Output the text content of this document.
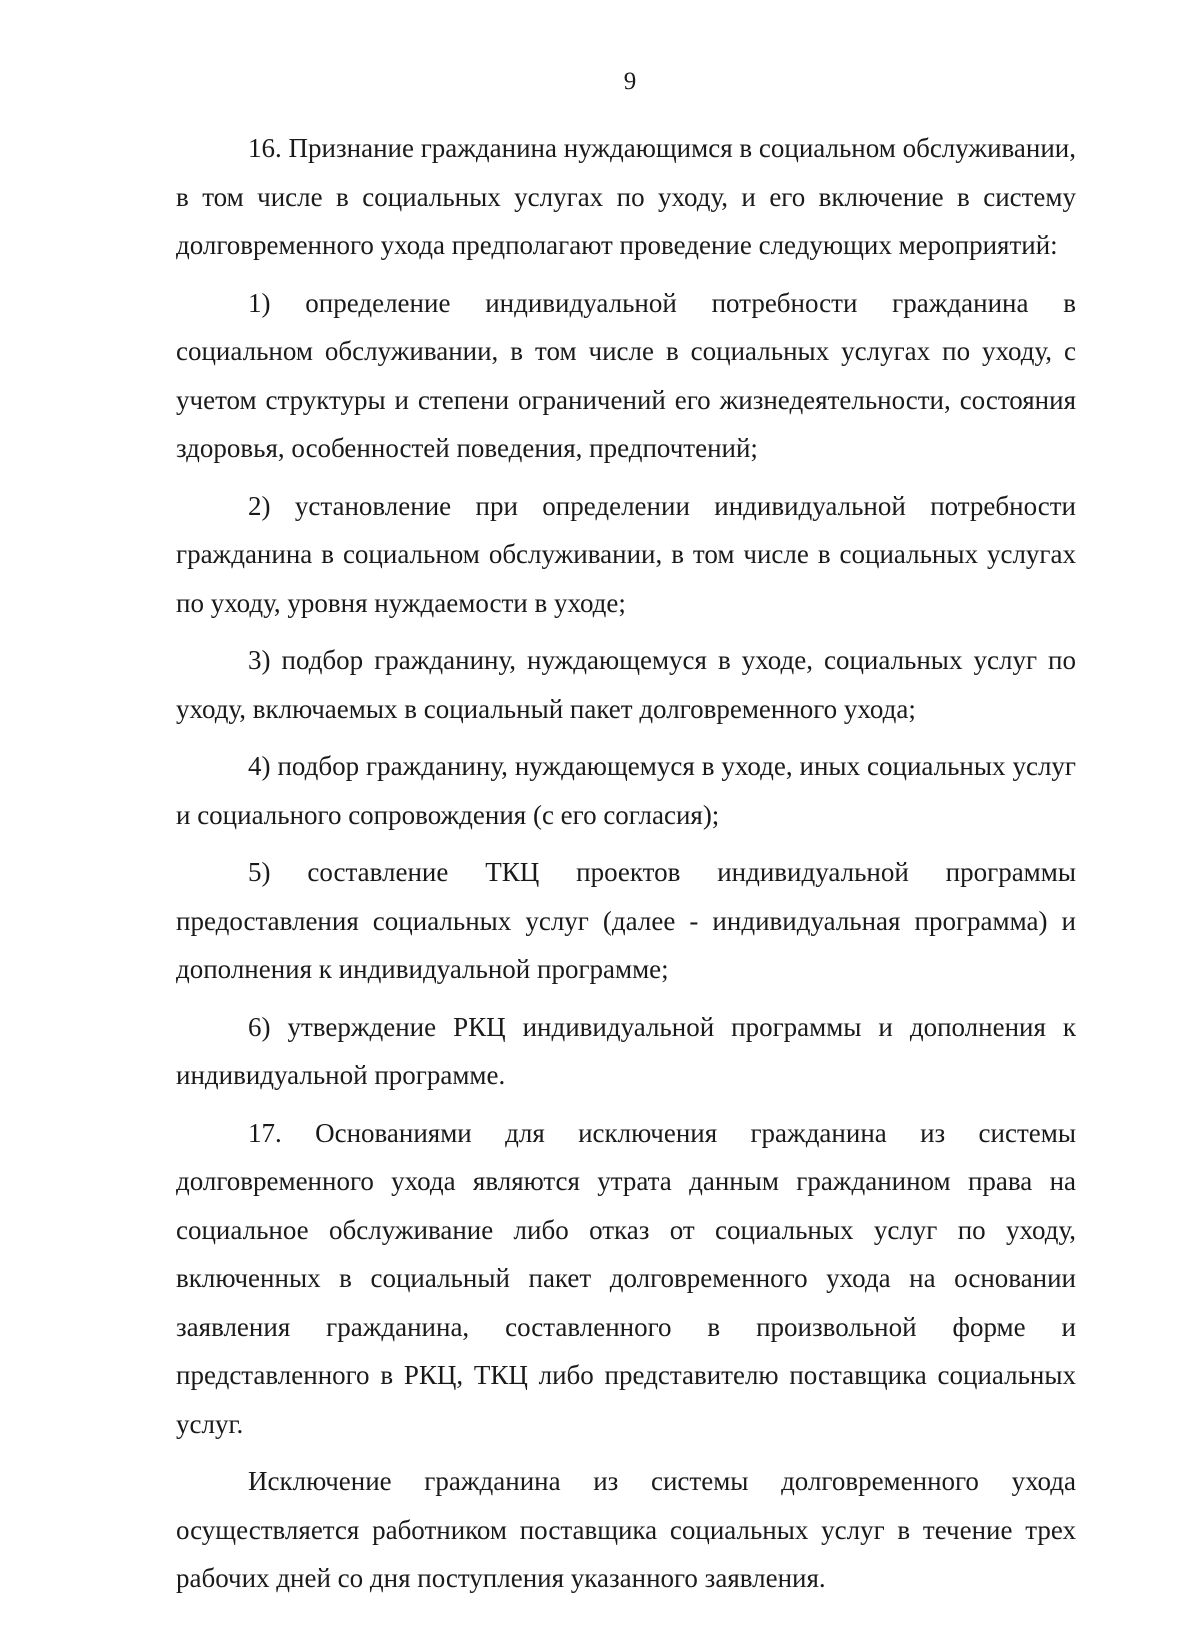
9

16. Признание гражданина нуждающимся в социальном обслуживании, в том числе в социальных услугах по уходу, и его включение в систему долговременного ухода предполагают проведение следующих мероприятий:

1) определение индивидуальной потребности гражданина в социальном обслуживании, в том числе в социальных услугах по уходу, с учетом структуры и степени ограничений его жизнедеятельности, состояния здоровья, особенностей поведения, предпочтений;

2) установление при определении индивидуальной потребности гражданина в социальном обслуживании, в том числе в социальных услугах по уходу, уровня нуждаемости в уходе;

3) подбор гражданину, нуждающемуся в уходе, социальных услуг по уходу, включаемых в социальный пакет долговременного ухода;

4) подбор гражданину, нуждающемуся в уходе, иных социальных услуг и социального сопровождения (с его согласия);

5) составление ТКЦ проектов индивидуальной программы предоставления социальных услуг (далее - индивидуальная программа) и дополнения к индивидуальной программе;

6) утверждение РКЦ индивидуальной программы и дополнения к индивидуальной программе.

17. Основаниями для исключения гражданина из системы долговременного ухода являются утрата данным гражданином права на социальное обслуживание либо отказ от социальных услуг по уходу, включенных в социальный пакет долговременного ухода на основании заявления гражданина, составленного в произвольной форме и представленного в РКЦ, ТКЦ либо представителю поставщика социальных услуг.

Исключение гражданина из системы долговременного ухода осуществляется работником поставщика социальных услуг в течение трех рабочих дней со дня поступления указанного заявления.
